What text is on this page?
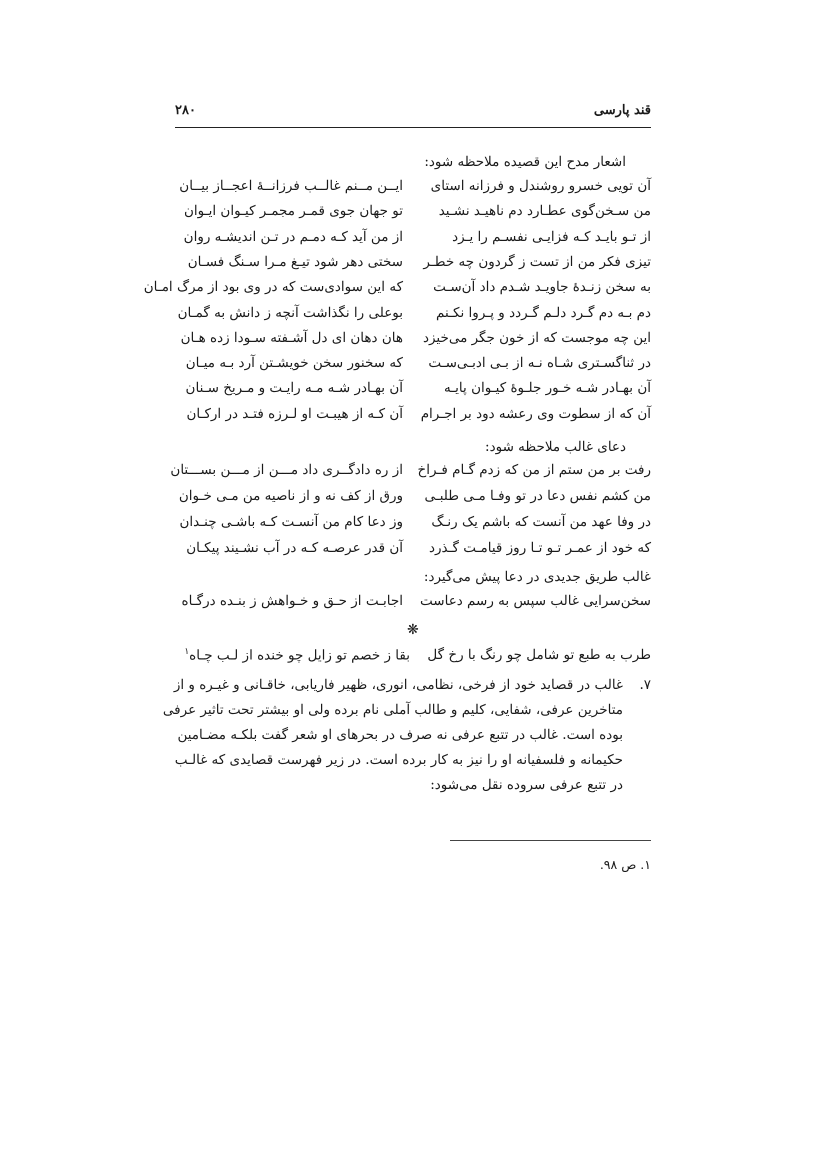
قند پارسی
۲۸۰
اشعار مدح این قصیده ملاحظه شود:
آن تویی خسرو روشندل و فرزانه استای
ایــن مــنم غالــب فرزانــهٔ اعجــاز بیــان
من سـخن‌گوی عطـارد دم ناهیـد نشـید
تو جهان جوی قمـر مجمـر کیـوان ایـوان
از تـو بایـد کـه فزایـی نفسـم را یـزد
از من آید کـه دمـم در تـن اندیشـه روان
تیزی فکر من از تست ز گردون چه خطـر
سختی دهر شود تیـغ مـرا سـنگ فسـان
به سخن زنـدهٔ جاویـد شـدم داد آن‌سـت
که این سوادی‌ست که در وی بود از مرگ امـان
دم بـه دم گـرد دلـم گـردد و پـروا نکـنم
بوعلی را نگذاشت آنچه ز دانش به گمـان
این چه موجست که از خون جگر می‌خیزد
هان دهان ای دل آشـفته سـودا زده هـان
در ثناگسـتری شـاه نـه از بـی ادبـی‌سـت
که سخنور سخن خویشـتن آرد بـه میـان
آن بهـادر شـه خـور جلـوهٔ کیـوان پایـه
آن بهـادر شـه مـه رایـت و مـریخ سـنان
آن که از سطوت وی رعشه دود بر اجـرام
آن کـه از هیبـت او لـرزه فتـد در ارکـان
دعای غالب ملاحظه شود:
رفت بر من ستم از من که زدم گـام فـراخ
از ره دادگــری داد مـــن از مـــن بســـتان
من کشم نفس دعا در تو وفـا مـی طلبـی
ورق از کف نه و از ناصیه من مـی خـوان
در وفا عهد من آنست که باشم یک رنـگ
وز دعا کام من آنسـت کـه باشـی چنـدان
که خود از عمـر تـو تـا روز قیامـت گـذرد
آن قدر عرصـه کـه در آب نشـیند پیکـان
غالب طریق جدیدی در دعا پیش می‌گیرد:
سخن‌سرایی غالب سپس به رسم دعاست
اجابـت از حـق و خـواهش ز بنـده درگـاه
❋
طرب به طبع تو شامل چو رنگ با رخ گل
بقا ز خصم تو زایل چو خنده از لـب چـاه$^۱$
۷.
غالب در قصاید خود از فرخی، نظامی، انوری، ظهیر فاریابی، خاقـانی و غیـره و از
متاخرین عرفی، شفایی، کلیم و طالب آملی نام برده ولی او بیشتر تحت تاثیر عرفی
بوده است. غالب در تتبع عرفی نه صرف در بحرهای او شعر گفت بلکـه مضـامین
حکیمانه و فلسفیانه او را نیز به کار برده است. در زیر فهرست قصایدی که غالـب
در تتبع عرفی سروده نقل می‌شود:
۱. ص ۹۸.
